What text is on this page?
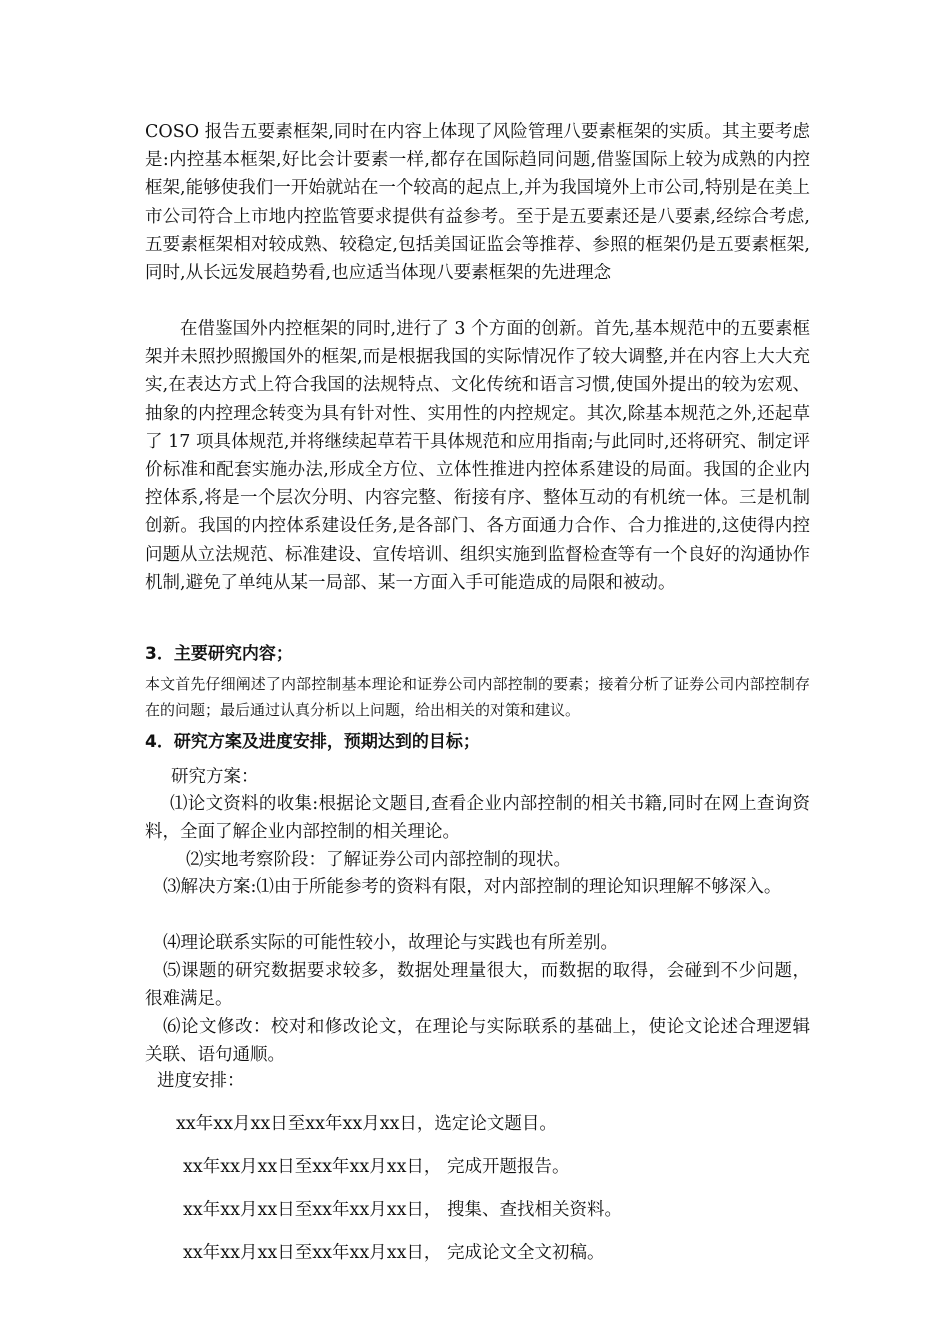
COSO 报告五要素框架,同时在内容上体现了风险管理八要素框架的实质。其主要考虑是:内控基本框架,好比会计要素一样,都存在国际趋同问题,借鉴国际上较为成熟的内控框架,能够使我们一开始就站在一个较高的起点上,并为我国境外上市公司,特别是在美上市公司符合上市地内控监管要求提供有益参考。至于是五要素还是八要素,经综合考虑,五要素框架相对较成熟、较稳定,包括美国证监会等推荐、参照的框架仍是五要素框架,同时,从长远发展趋势看,也应适当体现八要素框架的先进理念
在借鉴国外内控框架的同时,进行了 3 个方面的创新。首先,基本规范中的五要素框架并未照抄照搬国外的框架,而是根据我国的实际情况作了较大调整,并在内容上大大充实,在表达方式上符合我国的法规特点、文化传统和语言习惯,使国外提出的较为宏观、抽象的内控理念转变为具有针对性、实用性的内控规定。其次,除基本规范之外,还起草了 17 项具体规范,并将继续起草若干具体规范和应用指南;与此同时,还将研究、制定评价标准和配套实施办法,形成全方位、立体性推进内控体系建设的局面。我国的企业内控体系,将是一个层次分明、内容完整、衔接有序、整体互动的有机统一体。三是机制创新。我国的内控体系建设任务,是各部门、各方面通力合作、合力推进的,这使得内控问题从立法规范、标准建设、宣传培训、组织实施到监督检查等有一个良好的沟通协作机制,避免了单纯从某一局部、某一方面入手可能造成的局限和被动。
3．主要研究内容；
本文首先仔细阐述了内部控制基本理论和证券公司内部控制的要素；接着分析了证券公司内部控制存在的问题；最后通过认真分析以上问题，给出相关的对策和建议。
4．研究方案及进度安排，预期达到的目标；
研究方案：
⑴论文资料的收集:根据论文题目,查看企业内部控制的相关书籍,同时在网上查询资料，全面了解企业内部控制的相关理论。
⑵实地考察阶段：了解证券公司内部控制的现状。
⑶解决方案:⑴由于所能参考的资料有限，对内部控制的理论知识理解不够深入。
⑷理论联系实际的可能性较小，故理论与实践也有所差别。
⑸课题的研究数据要求较多，数据处理量很大，而数据的取得，会碰到不少问题，很难满足。
⑹论文修改：校对和修改论文，在理论与实际联系的基础上，使论文论述合理逻辑关联、语句通顺。
进度安排：
xx年xx月xx日至xx年xx月xx日，选定论文题目。
xx年xx月xx日至xx年xx月xx日， 完成开题报告。
xx年xx月xx日至xx年xx月xx日， 搜集、查找相关资料。
xx年xx月xx日至xx年xx月xx日， 完成论文全文初稿。
